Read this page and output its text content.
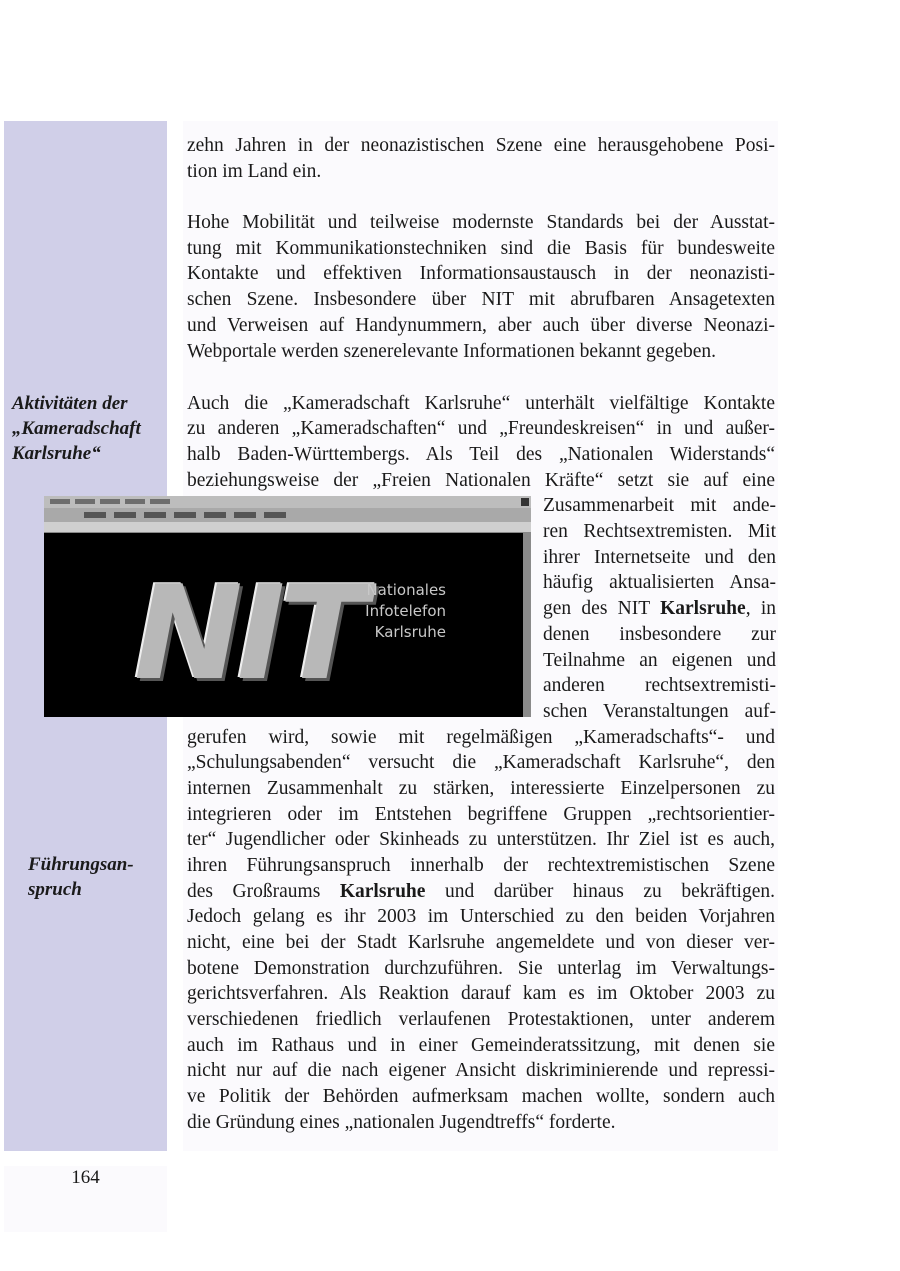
Aktivitäten der
„Kameradschaft
Karlsruhe“
Führungsan-
spruch
zehn Jahren in der neonazistischen Szene eine herausgehobene Posi-
tion im Land ein.
Hohe Mobilität und teilweise modernste Standards bei der Ausstat-
tung mit Kommunikationstechniken sind die Basis für bundesweite
Kontakte und effektiven Informationsaustausch in der neonazisti-
schen Szene. Insbesondere über NIT mit abrufbaren Ansagetexten
und Verweisen auf Handynummern, aber auch über diverse Neonazi-
Webportale werden szenerelevante Informationen bekannt gegeben.
Auch die „Kameradschaft Karlsruhe“ unterhält vielfältige Kontakte
zu anderen „Kameradschaften“ und „Freundeskreisen“ in und außer-
halb Baden-Württembergs. Als Teil des „Nationalen Widerstands“
beziehungsweise der „Freien Nationalen Kräfte“ setzt sie auf eine
Zusammenarbeit mit ande-
ren Rechtsextremisten. Mit
ihrer Internetseite und den
häufig aktualisierten Ansa-
gen des NIT Karlsruhe, in
denen insbesondere zur
Teilnahme an eigenen und
anderen rechtsextremisti-
schen Veranstaltungen auf-
gerufen wird, sowie mit regelmäßigen „Kameradschafts“- und
„Schulungsabenden“ versucht die „Kameradschaft Karlsruhe“, den
internen Zusammenhalt zu stärken, interessierte Einzelpersonen zu
integrieren oder im Entstehen begriffene Gruppen „rechtsorientier-
ter“ Jugendlicher oder Skinheads zu unterstützen. Ihr Ziel ist es auch,
ihren Führungsanspruch innerhalb der rechtextremistischen Szene
des Großraums Karlsruhe und darüber hinaus zu bekräftigen.
Jedoch gelang es ihr 2003 im Unterschied zu den beiden Vorjahren
nicht, eine bei der Stadt Karlsruhe angemeldete und von dieser ver-
botene Demonstration durchzuführen. Sie unterlag im Verwaltungs-
gerichtsverfahren. Als Reaktion darauf kam es im Oktober 2003 zu
verschiedenen friedlich verlaufenen Protestaktionen, unter anderem
auch im Rathaus und in einer Gemeinderatssitzung, mit denen sie
nicht nur auf die nach eigener Ansicht diskriminierende und repressi-
ve Politik der Behörden aufmerksam machen wollte, sondern auch
die Gründung eines „nationalen Jugendtreffs“ forderte.
NIT Nationales
Infotelefon
Karlsruhe
164
